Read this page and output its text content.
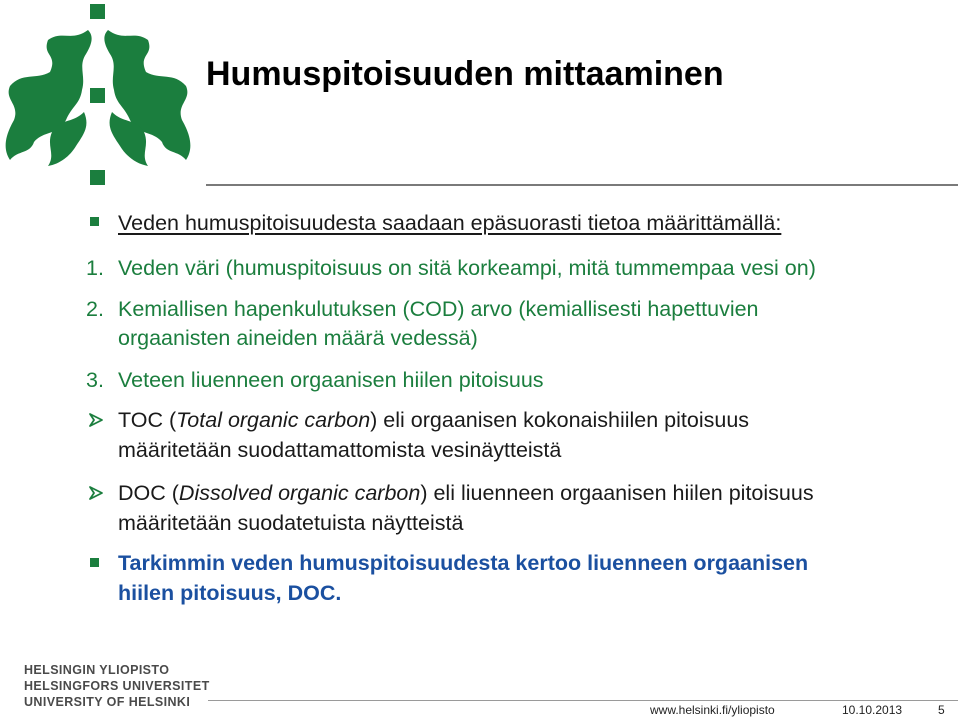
Humuspitoisuuden mittaaminen
Veden humuspitoisuudesta saadaan epäsuorasti tietoa määrittämällä:
1. Veden väri (humuspitoisuus on sitä korkeampi, mitä tummempaa vesi on)
2. Kemiallisen hapenkulutuksen (COD) arvo (kemiallisesti hapettuvien
orgaanisten aineiden määrä vedessä)
3. Veteen liuenneen orgaanisen hiilen pitoisuus
TOC (Total organic carbon) eli orgaanisen kokonaishiilen pitoisuus
määritetään suodattamattomista vesinäytteistä
DOC (Dissolved organic carbon) eli liuenneen orgaanisen hiilen pitoisuus
määritetään suodatetuista näytteistä
Tarkimmin veden humuspitoisuudesta kertoo liuenneen orgaanisen
hiilen pitoisuus, DOC.
HELSINGIN YLIOPISTO
HELSINGFORS UNIVERSITET
UNIVERSITY OF HELSINKI
www.helsinki.fi/yliopisto	10.10.2013	5
